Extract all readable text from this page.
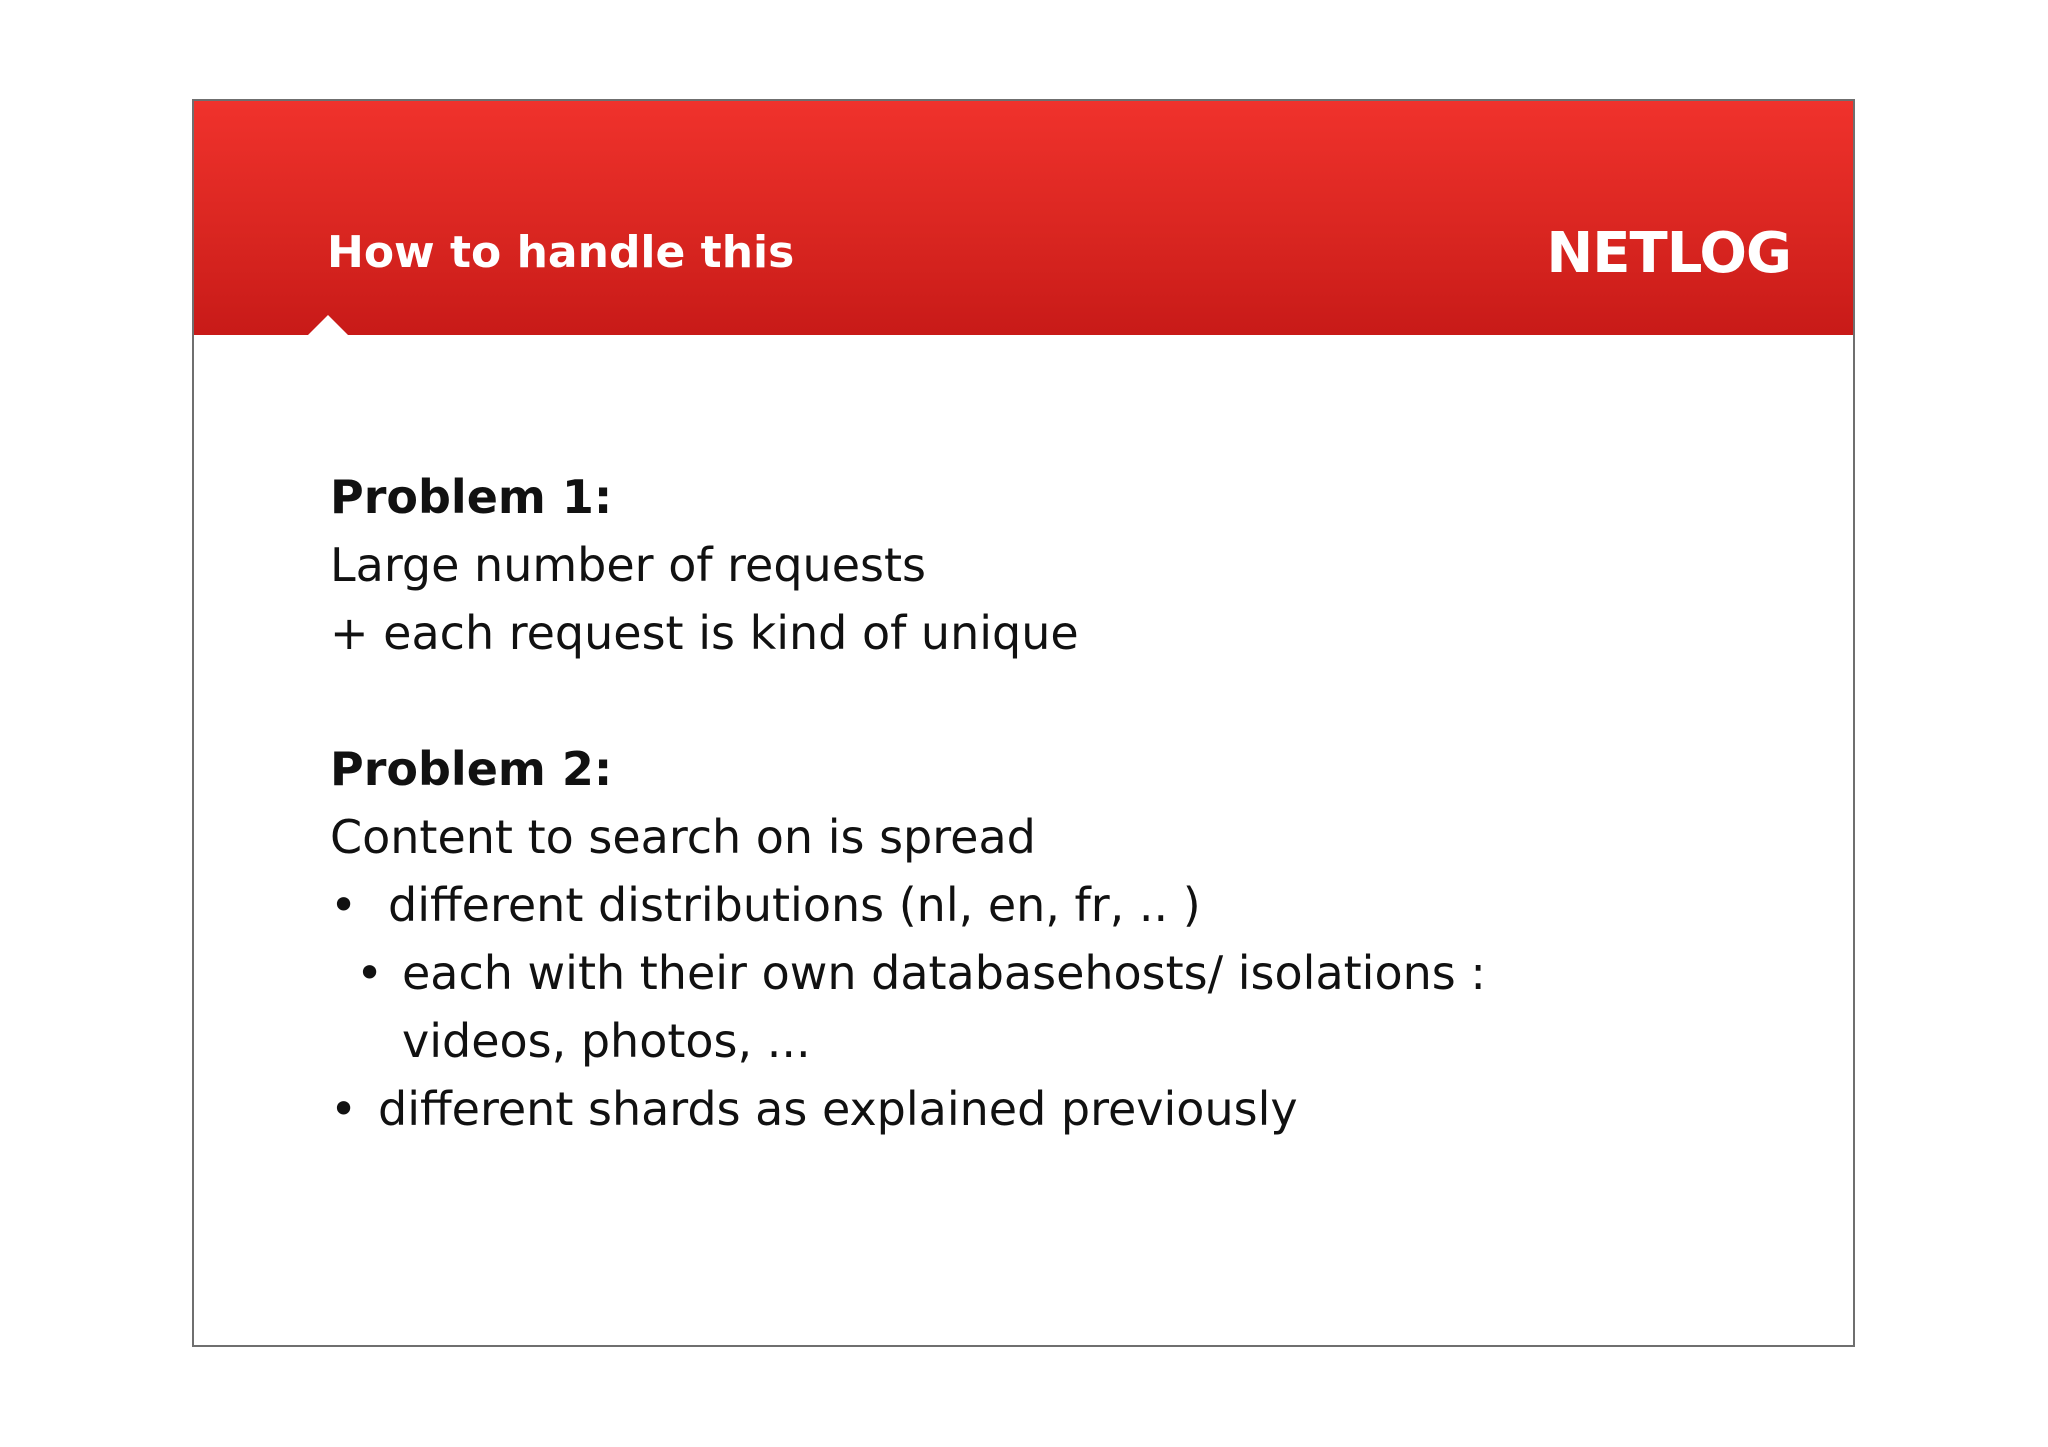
How to handle this	NETLOG
Problem 1:
Large number of requests
+ each request is kind of unique
Problem 2:
Content to search on is spread
• different distributions (nl, en, fr, .. )
• each with their own databasehosts/ isolations :
videos, photos, ...
• different shards as explained previously
